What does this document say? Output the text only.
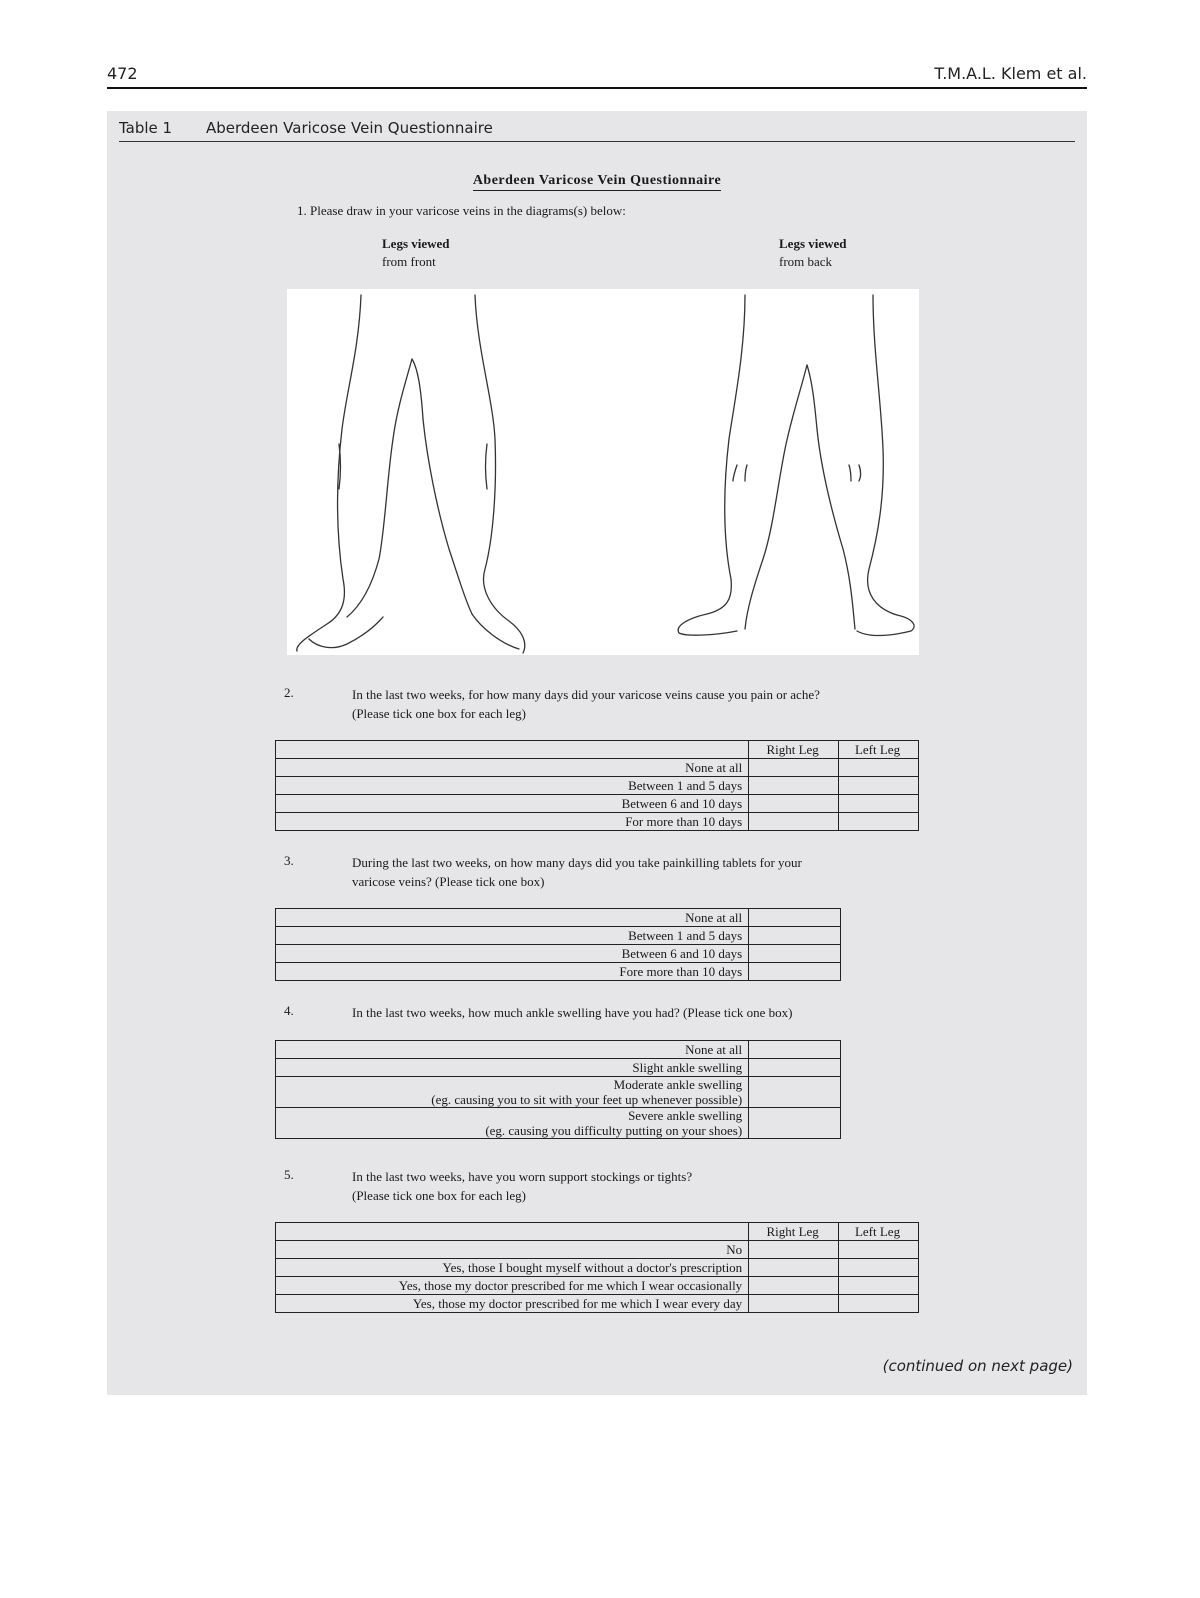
472	T.M.A.L. Klem et al.
Table 1 Aberdeen Varicose Vein Questionnaire
Aberdeen Varicose Vein Questionnaire
1. Please draw in your varicose veins in the diagrams(s) below:
Legs viewed
from front
Legs viewed
from back
2.	In the last two weeks, for how many days did your varicose veins cause you pain or ache?
(Please tick one box for each leg)
	Right Leg	Left Leg
None at all		
Between 1 and 5 days		
Between 6 and 10 days		
For more than 10 days		
3.	During the last two weeks, on how many days did you take painkilling tablets for your
varicose veins? (Please tick one box)
None at all	
Between 1 and 5 days	
Between 6 and 10 days	
Fore more than 10 days	
4.	In the last two weeks, how much ankle swelling have you had? (Please tick one box)
None at all	
Slight ankle swelling	

Moderate ankle swelling
(eg. causing you to sit with your feet up whenever possible)	

Severe ankle swelling
(eg. causing you difficulty putting on your shoes)	

5.	In the last two weeks, have you worn support stockings or tights?
(Please tick one box for each leg)
	Right Leg	Left Leg
No		
Yes, those I bought myself without a doctor's prescription		
Yes, those my doctor prescribed for me which I wear occasionally		
Yes, those my doctor prescribed for me which I wear every day		
(continued on next page)
